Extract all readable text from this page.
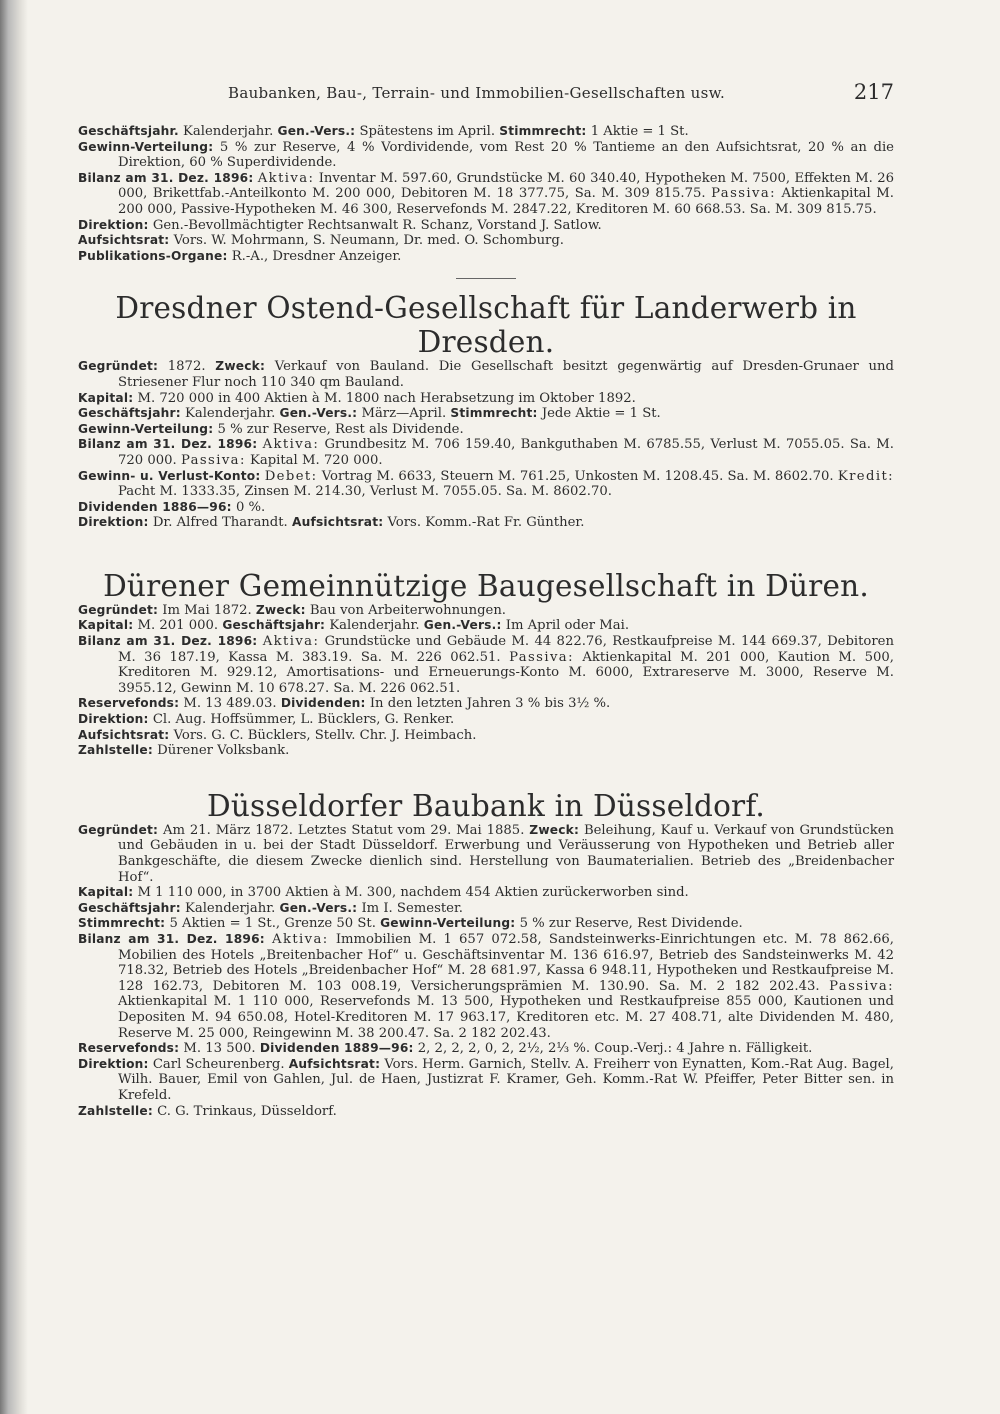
Baubanken, Bau-, Terrain- und Immobilien-Gesellschaften usw.	217

Geschäftsjahr. Kalenderjahr. Gen.-Vers.: Spätestens im April. Stimmrecht: 1 Aktie = 1 St.

Gewinn-Verteilung: 5 % zur Reserve, 4 % Vordividende, vom Rest 20 % Tantieme an den Aufsichtsrat, 20 % an die Direktion, 60 % Superdividende.

Bilanz am 31. Dez. 1896: Aktiva: Inventar M. 597.60, Grundstücke M. 60 340.40, Hypotheken M. 7500, Effekten M. 26 000, Brikettfab.-Anteilkonto M. 200 000, Debitoren M. 18 377.75, Sa. M. 309 815.75. Passiva: Aktienkapital M. 200 000, Passive-Hypotheken M. 46 300, Reservefonds M. 2847.22, Kreditoren M. 60 668.53. Sa. M. 309 815.75.

Direktion: Gen.-Bevollmächtigter Rechtsanwalt R. Schanz, Vorstand J. Satlow.

Aufsichtsrat: Vors. W. Mohrmann, S. Neumann, Dr. med. O. Schomburg.

Publikations-Organe: R.-A., Dresdner Anzeiger.

Dresdner Ostend-Gesellschaft für Landerwerb in Dresden.

Gegründet: 1872. Zweck: Verkauf von Bauland. Die Gesellschaft besitzt gegenwärtig auf Dresden-Grunaer und Striesener Flur noch 110 340 qm Bauland.

Kapital: M. 720 000 in 400 Aktien à M. 1800 nach Herabsetzung im Oktober 1892.

Geschäftsjahr: Kalenderjahr. Gen.-Vers.: März—April. Stimmrecht: Jede Aktie = 1 St.

Gewinn-Verteilung: 5 % zur Reserve, Rest als Dividende.

Bilanz am 31. Dez. 1896: Aktiva: Grundbesitz M. 706 159.40, Bankguthaben M. 6785.55, Verlust M. 7055.05. Sa. M. 720 000. Passiva: Kapital M. 720 000.

Gewinn- u. Verlust-Konto: Debet: Vortrag M. 6633, Steuern M. 761.25, Unkosten M. 1208.45. Sa. M. 8602.70. Kredit: Pacht M. 1333.35, Zinsen M. 214.30, Verlust M. 7055.05. Sa. M. 8602.70.

Dividenden 1886—96: 0 %.

Direktion: Dr. Alfred Tharandt. Aufsichtsrat: Vors. Komm.-Rat Fr. Günther.

Dürener Gemeinnützige Baugesellschaft in Düren.

Gegründet: Im Mai 1872. Zweck: Bau von Arbeiterwohnungen.

Kapital: M. 201 000. Geschäftsjahr: Kalenderjahr. Gen.-Vers.: Im April oder Mai.

Bilanz am 31. Dez. 1896: Aktiva: Grundstücke und Gebäude M. 44 822.76, Restkaufpreise M. 144 669.37, Debitoren M. 36 187.19, Kassa M. 383.19. Sa. M. 226 062.51. Passiva: Aktienkapital M. 201 000, Kaution M. 500, Kreditoren M. 929.12, Amortisations- und Erneuerungs-Konto M. 6000, Extrareserve M. 3000, Reserve M. 3955.12, Gewinn M. 10 678.27. Sa. M. 226 062.51.

Reservefonds: M. 13 489.03. Dividenden: In den letzten Jahren 3 % bis 3½ %.

Direktion: Cl. Aug. Hoffsümmer, L. Bücklers, G. Renker.

Aufsichtsrat: Vors. G. C. Bücklers, Stellv. Chr. J. Heimbach.

Zahlstelle: Dürener Volksbank.

Düsseldorfer Baubank in Düsseldorf.

Gegründet: Am 21. März 1872. Letztes Statut vom 29. Mai 1885. Zweck: Beleihung, Kauf u. Verkauf von Grundstücken und Gebäuden in u. bei der Stadt Düsseldorf. Erwerbung und Veräusserung von Hypotheken und Betrieb aller Bankgeschäfte, die diesem Zwecke dienlich sind. Herstellung von Baumaterialien. Betrieb des „Breidenbacher Hof“.

Kapital: M 1 110 000, in 3700 Aktien à M. 300, nachdem 454 Aktien zurückerworben sind.

Geschäftsjahr: Kalenderjahr. Gen.-Vers.: Im I. Semester.

Stimmrecht: 5 Aktien = 1 St., Grenze 50 St. Gewinn-Verteilung: 5 % zur Reserve, Rest Dividende.

Bilanz am 31. Dez. 1896: Aktiva: Immobilien M. 1 657 072.58, Sandsteinwerks-Einrichtungen etc. M. 78 862.66, Mobilien des Hotels „Breitenbacher Hof“ u. Geschäftsinventar M. 136 616.97, Betrieb des Sandsteinwerks M. 42 718.32, Betrieb des Hotels „Breidenbacher Hof“ M. 28 681.97, Kassa 6 948.11, Hypotheken und Restkaufpreise M. 128 162.73, Debitoren M. 103 008.19, Versicherungsprämien M. 130.90. Sa. M. 2 182 202.43. Passiva: Aktienkapital M. 1 110 000, Reservefonds M. 13 500, Hypotheken und Restkaufpreise 855 000, Kautionen und Depositen M. 94 650.08, Hotel-Kreditoren M. 17 963.17, Kreditoren etc. M. 27 408.71, alte Dividenden M. 480, Reserve M. 25 000, Reingewinn M. 38 200.47. Sa. 2 182 202.43.

Reservefonds: M. 13 500. Dividenden 1889—96: 2, 2, 2, 2, 0, 2, 2½, 2⅓ %. Coup.-Verj.: 4 Jahre n. Fälligkeit.

Direktion: Carl Scheurenberg. Aufsichtsrat: Vors. Herm. Garnich, Stellv. A. Freiherr von Eynatten, Kom.-Rat Aug. Bagel, Wilh. Bauer, Emil von Gahlen, Jul. de Haen, Justizrat F. Kramer, Geh. Komm.-Rat W. Pfeiffer, Peter Bitter sen. in Krefeld.

Zahlstelle: C. G. Trinkaus, Düsseldorf.
